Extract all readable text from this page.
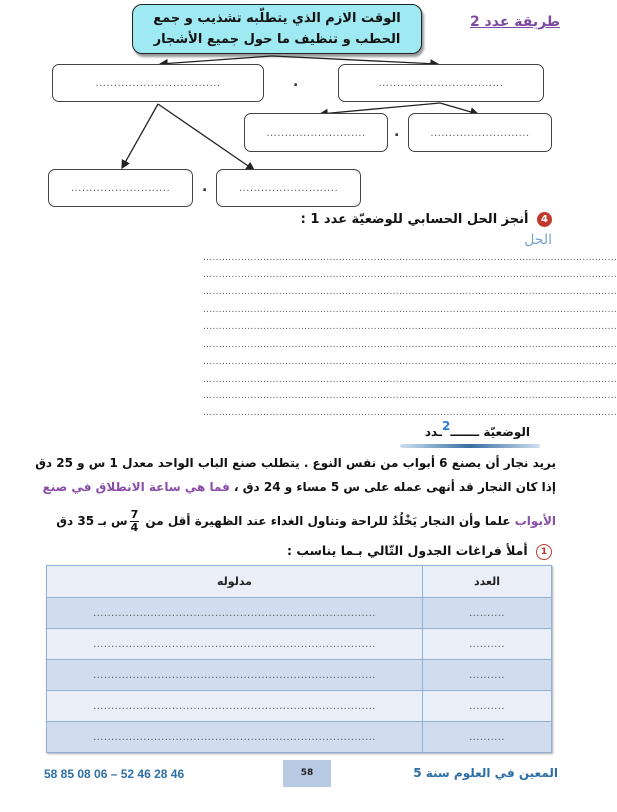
طريقة عدد 2
الوقت الازم الذي يتطلّبه تشذيب و جمع
الحطب و تنظيف ما حول جميع الأشجار
..................................	.	..................................
...........................	.	...........................
...........................	.	...........................
4 أنجز الحل الحسابي للوضعيّة عدد 1 :
الحل
...................................................................................................................................
...................................................................................................................................
...................................................................................................................................
...................................................................................................................................
...................................................................................................................................
...................................................................................................................................
...................................................................................................................................
...................................................................................................................................
...................................................................................................................................
...................................................................................................................................
الوضعيّة ـــــــ2ـدد
يريد نجار أن يصنع 6 أبواب من نفس النوع . يتطلب صنع الباب الواحد معدل 1 س و 25 دق
إذا كان النجار قد أنهى عمله على س 5 مساء و 24 دق ، فما هي ساعة الانطلاق في صنع
الأبواب علما وأن النجار يَخْلُدُ للراحة وتناول الغداء عند الظهيرة أقل من
$\frac{7}{4}$
س بـ 35 دق
1 أملأ فراغات الجدول التّالي بـما يناسب :
العدد	مدلوله
..........	...............................................................................
..........	...............................................................................
..........	...............................................................................
..........	...............................................................................
..........	...............................................................................
58 85 08 06 – 52 46 28 46	58	المعين في العلوم سنة 5
